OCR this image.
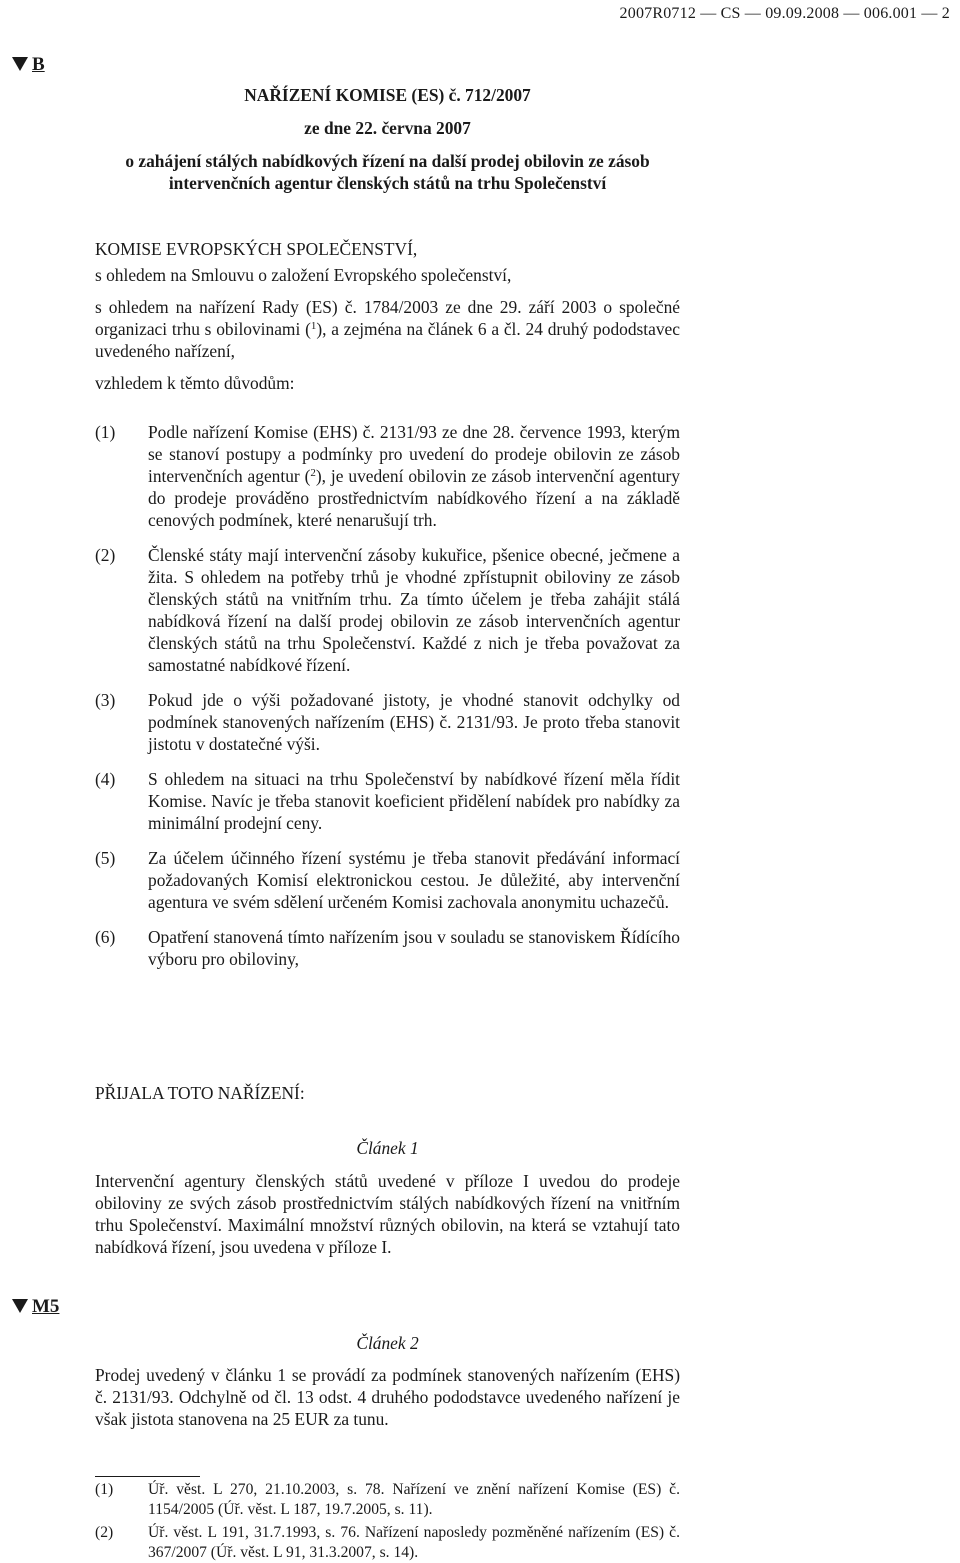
2007R0712 — CS — 09.09.2008 — 006.001 — 2
B
M5
NAŘÍZENÍ KOMISE (ES) č. 712/2007
ze dne 22. června 2007
o zahájení stálých nabídkových řízení na další prodej obilovin ze zásob intervenčních agentur členských států na trhu Společenství

KOMISE EVROPSKÝCH SPOLEČENSTVÍ,

s ohledem na Smlouvu o založení Evropského společenství,

s ohledem na nařízení Rady (ES) č. 1784/2003 ze dne 29. září 2003 o společné organizaci trhu s obilovinami ($^1$), a zejména na článek 6 a čl. 24 druhý pododstavec uvedeného nařízení,

vzhledem k těmto důvodům:

(1)	Podle nařízení Komise (EHS) č. 2131/93 ze dne 28. července 1993, kterým se stanoví postupy a podmínky pro uvedení do prodeje obilovin ze zásob intervenčních agentur ($^2$), je uvedení obilovin ze zásob intervenční agentury do prodeje prováděno prostřednictvím nabídkového řízení a na základě cenových podmínek, které nenarušují trh.
(2)	Členské státy mají intervenční zásoby kukuřice, pšenice obecné, ječmene a žita. S ohledem na potřeby trhů je vhodné zpřístupnit obiloviny ze zásob členských států na vnitřním trhu. Za tímto účelem je třeba zahájit stálá nabídková řízení na další prodej obilovin ze zásob intervenčních agentur členských států na trhu Společenství. Každé z nich je třeba považovat za samostatné nabídkové řízení.
(3)	Pokud jde o výši požadované jistoty, je vhodné stanovit odchylky od podmínek stanovených nařízením (EHS) č. 2131/93. Je proto třeba stanovit jistotu v dostatečné výši.
(4)	S ohledem na situaci na trhu Společenství by nabídkové řízení měla řídit Komise. Navíc je třeba stanovit koeficient přidělení nabídek pro nabídky za minimální prodejní ceny.
(5)	Za účelem účinného řízení systému je třeba stanovit předávání informací požadovaných Komisí elektronickou cestou. Je důležité, aby intervenční agentura ve svém sdělení určeném Komisi zachovala anonymitu uchazečů.
(6)	Opatření stanovená tímto nařízením jsou v souladu se stanoviskem Řídícího výboru pro obiloviny,
PŘIJALA TOTO NAŘÍZENÍ:
Článek 1

Intervenční agentury členských států uvedené v příloze I uvedou do prodeje obiloviny ze svých zásob prostřednictvím stálých nabídkových řízení na vnitřním trhu Společenství. Maximální množství různých obilovin, na která se vztahují tato nabídková řízení, jsou uvedena v příloze I.

Článek 2

Prodej uvedený v článku 1 se provádí za podmínek stanovených nařízením (EHS) č. 2131/93. Odchylně od čl. 13 odst. 4 druhého pododstavce uvedeného nařízení je však jistota stanovena na 25 EUR za tunu.

(1)	Úř. věst. L 270, 21.10.2003, s. 78. Nařízení ve znění nařízení Komise (ES) č. 1154/2005 (Úř. věst. L 187, 19.7.2005, s. 11).
(2)	Úř. věst. L 191, 31.7.1993, s. 76. Nařízení naposledy pozměněné nařízením (ES) č. 367/2007 (Úř. věst. L 91, 31.3.2007, s. 14).
